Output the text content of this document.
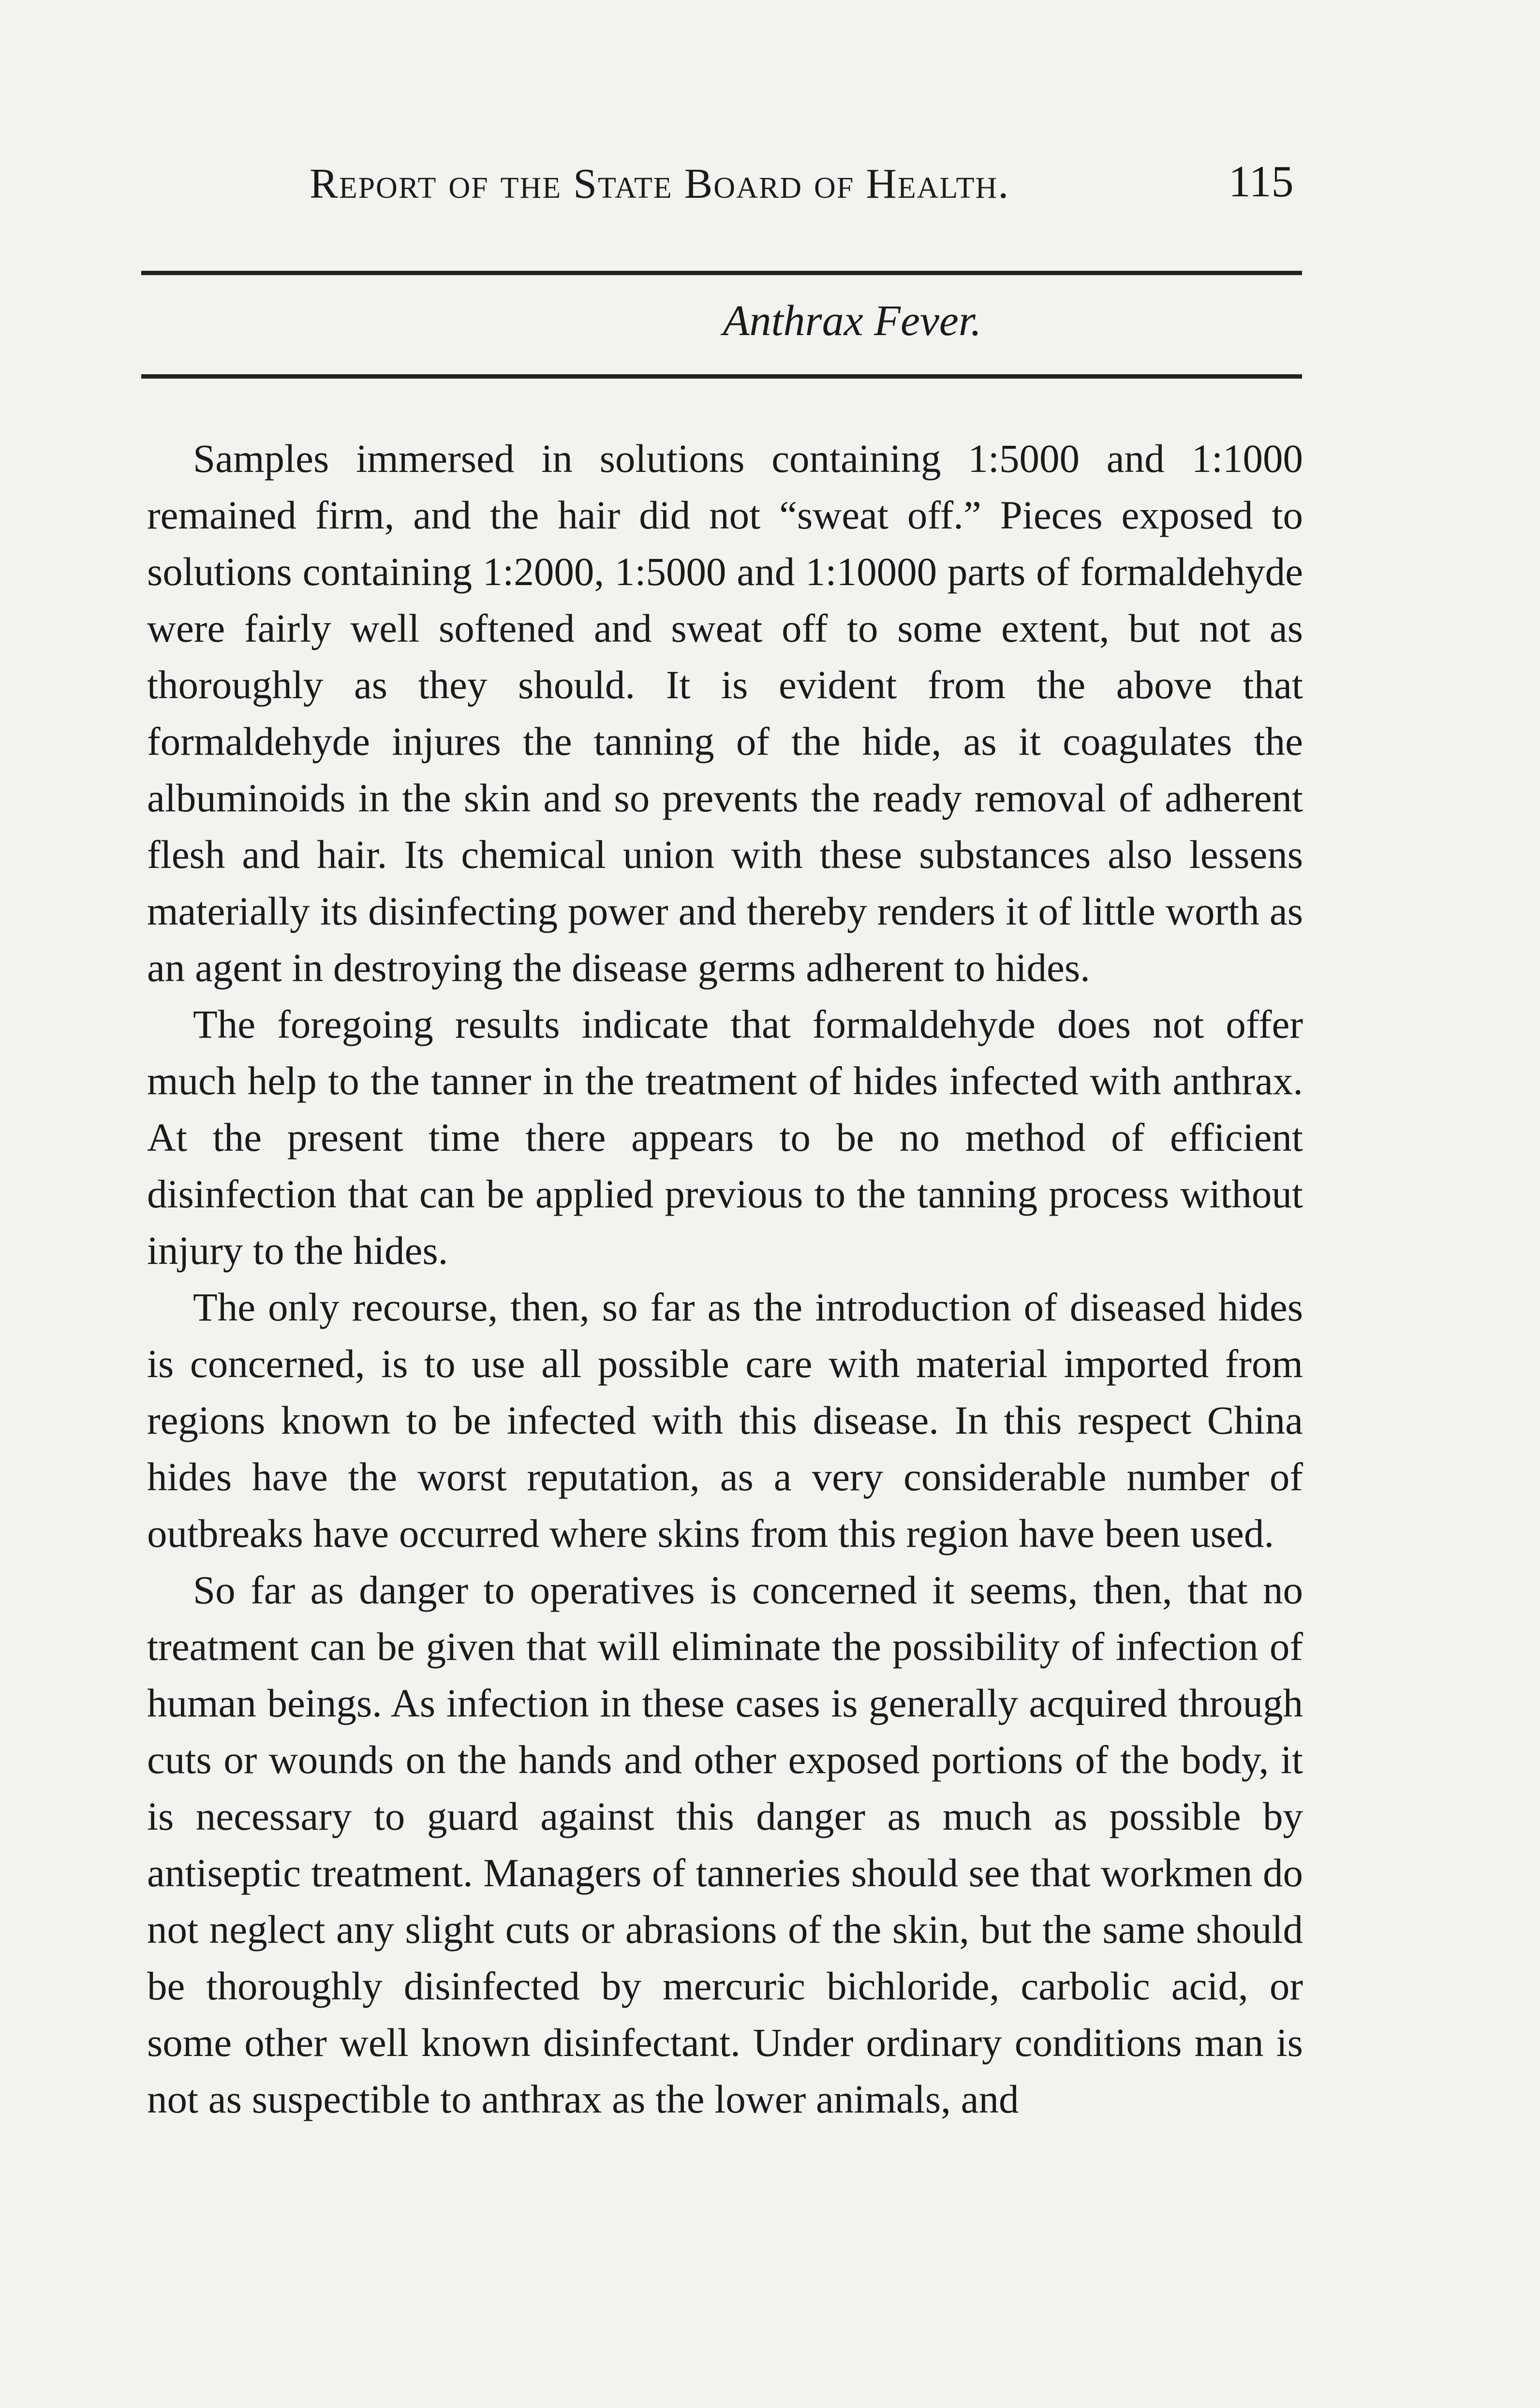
Report of the State Board of Health.	115
Anthrax Fever.

Samples immersed in solutions containing 1:5000 and 1:1000 remained firm, and the hair did not “sweat off.” Pieces exposed to solutions containing 1:2000, 1:5000 and 1:10000 parts of formaldehyde were fairly well softened and sweat off to some extent, but not as thoroughly as they should. It is evident from the above that formaldehyde injures the tanning of the hide, as it coagulates the albuminoids in the skin and so prevents the ready removal of adherent flesh and hair. Its chemical union with these substances also lessens materially its disinfecting power and thereby renders it of little worth as an agent in destroying the disease germs adherent to hides.

The foregoing results indicate that formaldehyde does not offer much help to the tanner in the treatment of hides infected with anthrax. At the present time there appears to be no method of efficient disinfection that can be applied previous to the tanning process without injury to the hides.

The only recourse, then, so far as the introduction of diseased hides is concerned, is to use all possible care with material imported from regions known to be infected with this disease. In this respect China hides have the worst reputation, as a very considerable number of outbreaks have occurred where skins from this region have been used.

So far as danger to operatives is concerned it seems, then, that no treatment can be given that will eliminate the possibility of infection of human beings. As infection in these cases is generally acquired through cuts or wounds on the hands and other exposed portions of the body, it is necessary to guard against this danger as much as possible by antiseptic treatment. Managers of tanneries should see that workmen do not neglect any slight cuts or abrasions of the skin, but the same should be thoroughly disinfected by mercuric bichloride, carbolic acid, or some other well known disinfectant. Under ordinary conditions man is not as suspectible to anthrax as the lower animals, and
